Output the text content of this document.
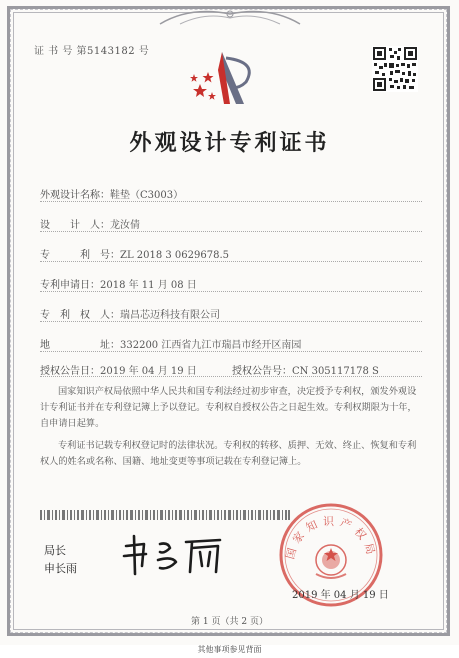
证 书 号 第5143182 号
外观设计专利证书
外观设计名称：鞋垫（C3003）
设　　计　人：龙汝倩
专　　　利　号：ZL 2018 3 0629678.5
专利申请日：2018 年 11 月 08 日
专　利　权　人：瑞昌芯迈科技有限公司
地　　　　　址：332200 江西省九江市瑞昌市经开区南园
授权公告日：2019 年 04 月 19 日	授权公告号：CN 305117178 S

国家知识产权局依照中华人民共和国专利法经过初步审查，决定授予专利权，颁发外观设计专利证书并在专利登记簿上予以登记。专利权自授权公告之日起生效。专利权期限为十年，自申请日起算。

专利证书记载专利权登记时的法律状况。专利权的转移、质押、无效、终止、恢复和专利权人的姓名或名称、国籍、地址变更等事项记载在专利登记簿上。

局长
申长雨
国家知识产权局
2019 年 04 月 19 日
第 1 页（共 2 页）
其他事项参见背面
